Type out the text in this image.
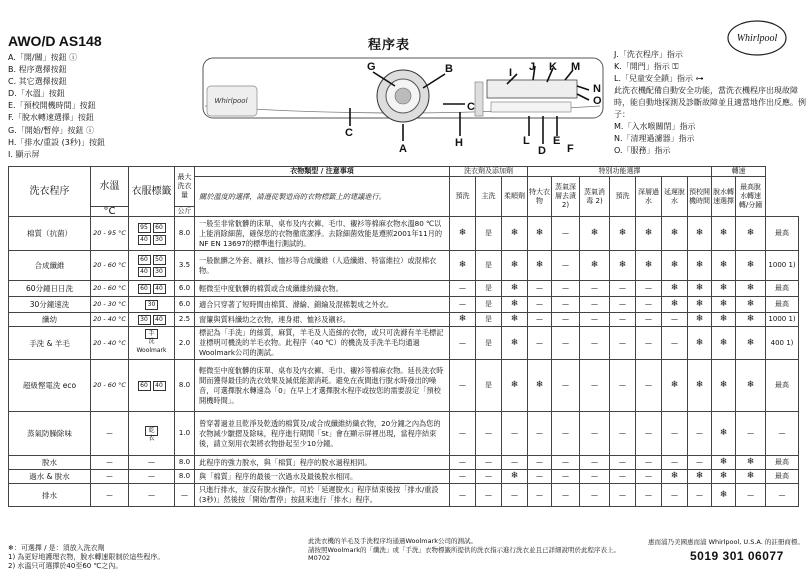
AWO/D AS148	程序表	Whirlpool
A.「開/關」按鈕 ⓘ
B. 程序選擇按鈕
C. 其它選擇按鈕
D.「水溫」按鈕
E.「預校開機時間」按鈕
F.「脫水轉速選擇」按鈕
G.「開始/暫停」按鈕 ⓘ
H.「排水/重設 (3秒)」按鈕
I. 顯示屏
Whirlpool
G	B
A
C
H
I J K M
N
O
L
D
E
F
C
J.「洗衣程序」指示
K.「開門」指示 ⚿
L.「兒童安全鎖」指示 ⊶
此洗衣機配備自動安全功能，當洗衣機程序出現故障時，能自動地探測及診斷故障並且適當地作出反應。例子：
M.「入水喉關閉」指示
N.「清理過濾器」指示
O.「服務」指示
洗衣程序	水溫	衣服標籤	最大洗衣量	衣物類型 / 注意事項	洗衣劑及添加劑			特別功能選擇							轉速		
				關於溫度的選擇，請遵從製造商的衣物標籤上的建議進行。	預洗	主洗	柔順劑	特大衣物	蒸氣深層去漬 2)	蒸氣消毒 2)	預洗	深層過水	延遲脫水	預校開機時間	脫水轉速選擇	最高脫水轉速轉/分鐘	
	°C		公斤														
棉質（抗菌）	20 - 95 °C	95 6040 30	8.0	一般至非常骯髒的床單、桌布及内衣褲、毛巾、襯衫等棉麻衣物水溫80 ℃以上能消除細菌，確保您的衣物徹底潔淨。去除細菌效能是遵照2001年11月的NF EN 13697的標準進行測試的。	❄	是	❄	❄	—	❄	❄	❄	❄	❄	❄	❄	最高
合成纖維	20 - 60 °C	60 5040 30	3.5	一般骯髒之外套、襯衫、恤衫等合成纖維（人造纖維、特富維拉）或混棉衣物。	❄	是	❄	❄	—	❄	❄	❄	❄	❄	❄	❄	1000 1)
60分鐘日日洗	20 - 60 °C	60 40	6.0	輕微至中度骯髒的棉質或合成纖維紡織衣物。	—	是	❄	—	—	—	—	—	❄	❄	❄	❄	最高
30分鐘速洗	20 - 30 °C	30	6.0	適合只穿著了短時間由棉質、滌綸、錦綸及混棉製成之外衣。	—	是	❄	—	—	—	—	—	❄	❄	❄	❄	最高
纖幼	20 - 40 °C	30 40	2.5	窗簾與質料纖幼之衣物，連身裙、恤衫及襯衫。	❄	是	❄	—	—	—	—	—	—	❄	❄	❄	1000 1)
手洗 & 羊毛	20 - 40 °C	手洗Woolmark	2.0	標記為「手洗」的絲質，麻質，羊毛及人造絲的衣物，或只可洗滌有羊毛標記並標明可機洗的羊毛衣物。此程序（40 ℃）的機洗及手洗羊毛均通過Woolmark公司的測試。	—	是	❄	—	—	—	—	—	—	❄	❄	❄	400 1)
超級慳電洗 eco	20 - 60 °C	60 40	8.0	輕微至中度骯髒的床單、桌布及内衣褲、毛巾、襯衫等棉麻衣物。延長洗衣時間而獲得最佳的洗衣效果及減低能源消耗。避免在夜間進行脫水時發出的噪音，可選擇脫水轉速為「0」在早上才選擇脫水程序或按您的需要設定「預校開機時間」。	—	是	❄	❄	—	—	—	—	❄	❄	❄	❄	最高
蒸氣防臊除味	—	乾衣	1.0	曾穿著過並且乾淨及乾透的棉質及/或合成纖維紡織衣物，20分鐘之內為您的衣物減少皺摺及除味，程序進行期間「St」會在顯示屏裡出現，當程序結束後，請立刻用衣架將衣物掛起至少10分鐘。	—	—	—	—	—	—	—	—	—	—	❄	—	—
脫水	—	—	8.0	此程序的強力脫水，與「棉質」程序的脫水過程相同。	—	—	—	—	—	—	—	—	—	—	❄	❄	最高
過水 & 脫水	—	—	8.0	與「棉質」程序的最後一次過水及最後脫水相同。	—	—	❄	—	—	—	—	—	❄	❄	❄	❄	最高
排水	—	—	—	只進行排水，並沒有脫水操作。可於「延遲脫水」程序結束後按「排水/重設(3秒)」然後按「開始/暫停」按鈕來進行「排水」程序。	—	—	—	—	—	—	—	—	—	—	❄	—	—
❄：可選擇 / 是：須放入洗衣劑
1) 為更好地護理衣物，脫水轉速限制於這些程序。
2) 水溫只可選擇於40至60 ℃之內。
此洗衣機的羊毛及手洗程序均通過Woolmark公司的測試。
請按照Woolmark的「纖洗」或「手洗」衣物標籤所提供的洗衣指示進行洗衣並且已詳細說明於此程序表上。
M0702
惠而浦乃美國惠而浦 Whirlpool, U.S.A. 的註冊商標。
5019 301 06077
